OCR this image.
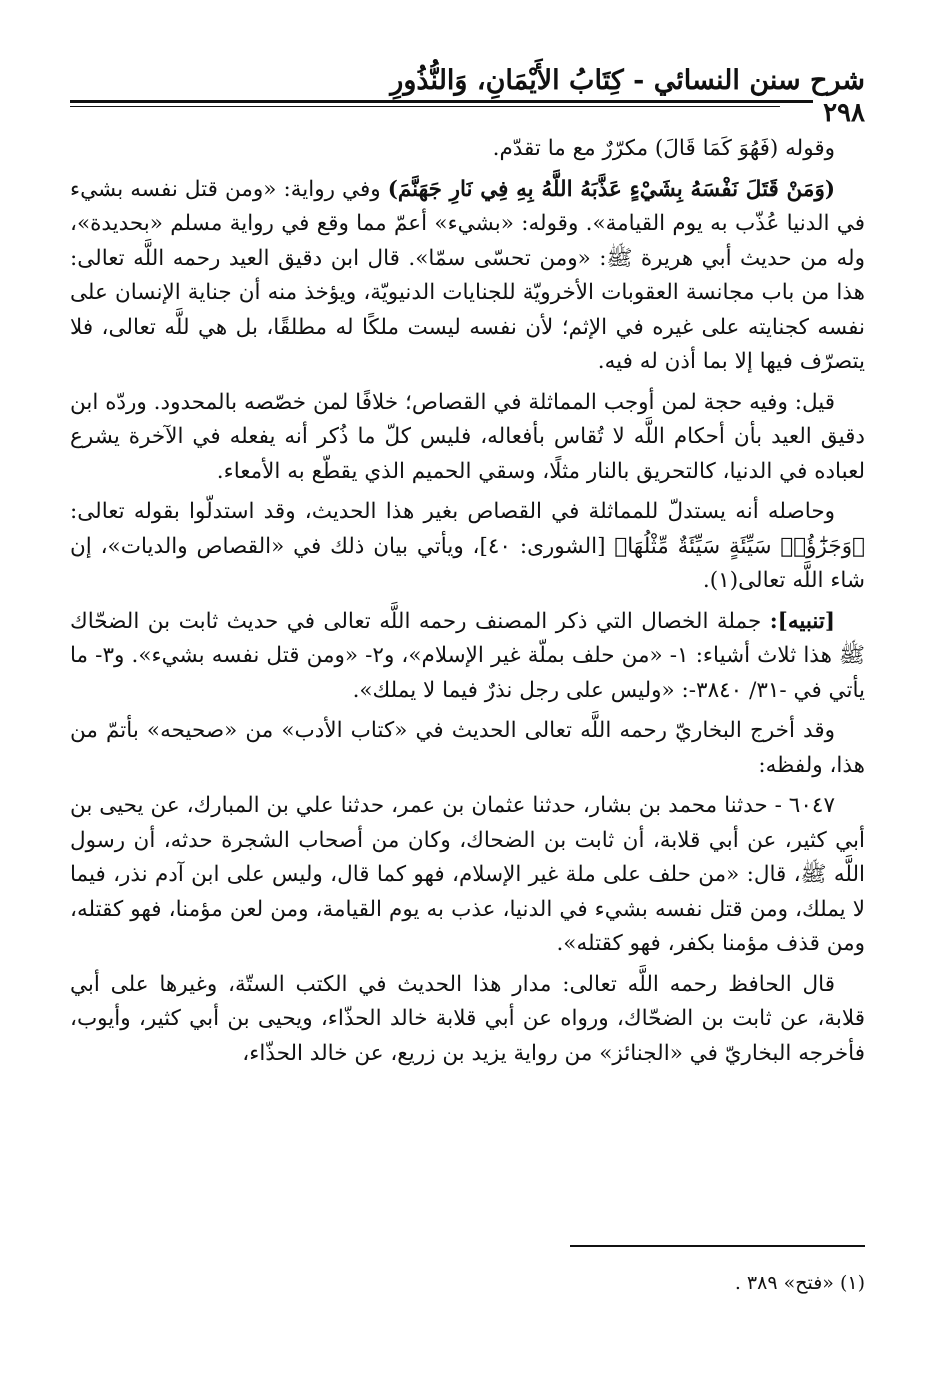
شرح سنن النسائي - كِتَابُ الأَيْمَانِ، وَالنُّذُورِ
٢٩٨

وقوله (فَهُوَ كَمَا قَالَ) مكرّرٌ مع ما تقدّم.

(وَمَنْ قَتَلَ نَفْسَهُ بِشَيْءٍ عَذَّبَهُ اللَّهُ بِهِ فِي نَارِ جَهَنَّمَ) وفي رواية: «ومن قتل نفسه بشيء في الدنيا عُذّب به يوم القيامة». وقوله: «بشيء» أعمّ مما وقع في رواية مسلم «بحديدة»، وله من حديث أبي هريرة ﷺ: «ومن تحسّى سمّا». قال ابن دقيق العيد رحمه اللَّه تعالى: هذا من باب مجانسة العقوبات الأخرويّة للجنايات الدنيويّة، ويؤخذ منه أن جناية الإنسان على نفسه كجنايته على غيره في الإثم؛ لأن نفسه ليست ملكًا له مطلقًا، بل هي للَّه تعالى، فلا يتصرّف فيها إلا بما أذن له فيه.

قيل: وفيه حجة لمن أوجب المماثلة في القصاص؛ خلافًا لمن خصّصه بالمحدود. وردّه ابن دقيق العيد بأن أحكام اللَّه لا تُقاس بأفعاله، فليس كلّ ما ذُكر أنه يفعله في الآخرة يشرع لعباده في الدنيا، كالتحريق بالنار مثلًا، وسقي الحميم الذي يقطّع به الأمعاء.

وحاصله أنه يستدلّ للمماثلة في القصاص بغير هذا الحديث، وقد استدلّوا بقوله تعالى: ﴿وَجَزَٰٓؤُا۟ سَيِّئَةٍ سَيِّئَةٌ مِّثْلُهَا﴾ [الشورى: ٤٠]، ويأتي بيان ذلك في «القصاص والديات»، إن شاء اللَّه تعالى(١).

[تنبيه]: جملة الخصال التي ذكر المصنف رحمه اللَّه تعالى في حديث ثابت بن الضحّاك ﷺ هذا ثلاث أشياء: ١- «من حلف بملّة غير الإسلام»، و٢- «ومن قتل نفسه بشيء». و٣- ما يأتي في -٣١/ ٣٨٤٠-: «وليس على رجل نذرٌ فيما لا يملك».

وقد أخرج البخاريّ رحمه اللَّه تعالى الحديث في «كتاب الأدب» من «صحيحه» بأتمّ من هذا، ولفظه:

٦٠٤٧ - حدثنا محمد بن بشار، حدثنا عثمان بن عمر، حدثنا علي بن المبارك، عن يحيى بن أبي كثير، عن أبي قلابة، أن ثابت بن الضحاك، وكان من أصحاب الشجرة حدثه، أن رسول اللَّه ﷺ، قال: «من حلف على ملة غير الإسلام، فهو كما قال، وليس على ابن آدم نذر، فيما لا يملك، ومن قتل نفسه بشيء في الدنيا، عذب به يوم القيامة، ومن لعن مؤمنا، فهو كقتله، ومن قذف مؤمنا بكفر، فهو كقتله».

قال الحافظ رحمه اللَّه تعالى: مدار هذا الحديث في الكتب الستّة، وغيرها على أبي قلابة، عن ثابت بن الضحّاك، ورواه عن أبي قلابة خالد الحذّاء، ويحيى بن أبي كثير، وأيوب، فأخرجه البخاريّ في «الجنائز» من رواية يزيد بن زريع، عن خالد الحذّاء،

(١) «فتح» ٣٨٩ .
